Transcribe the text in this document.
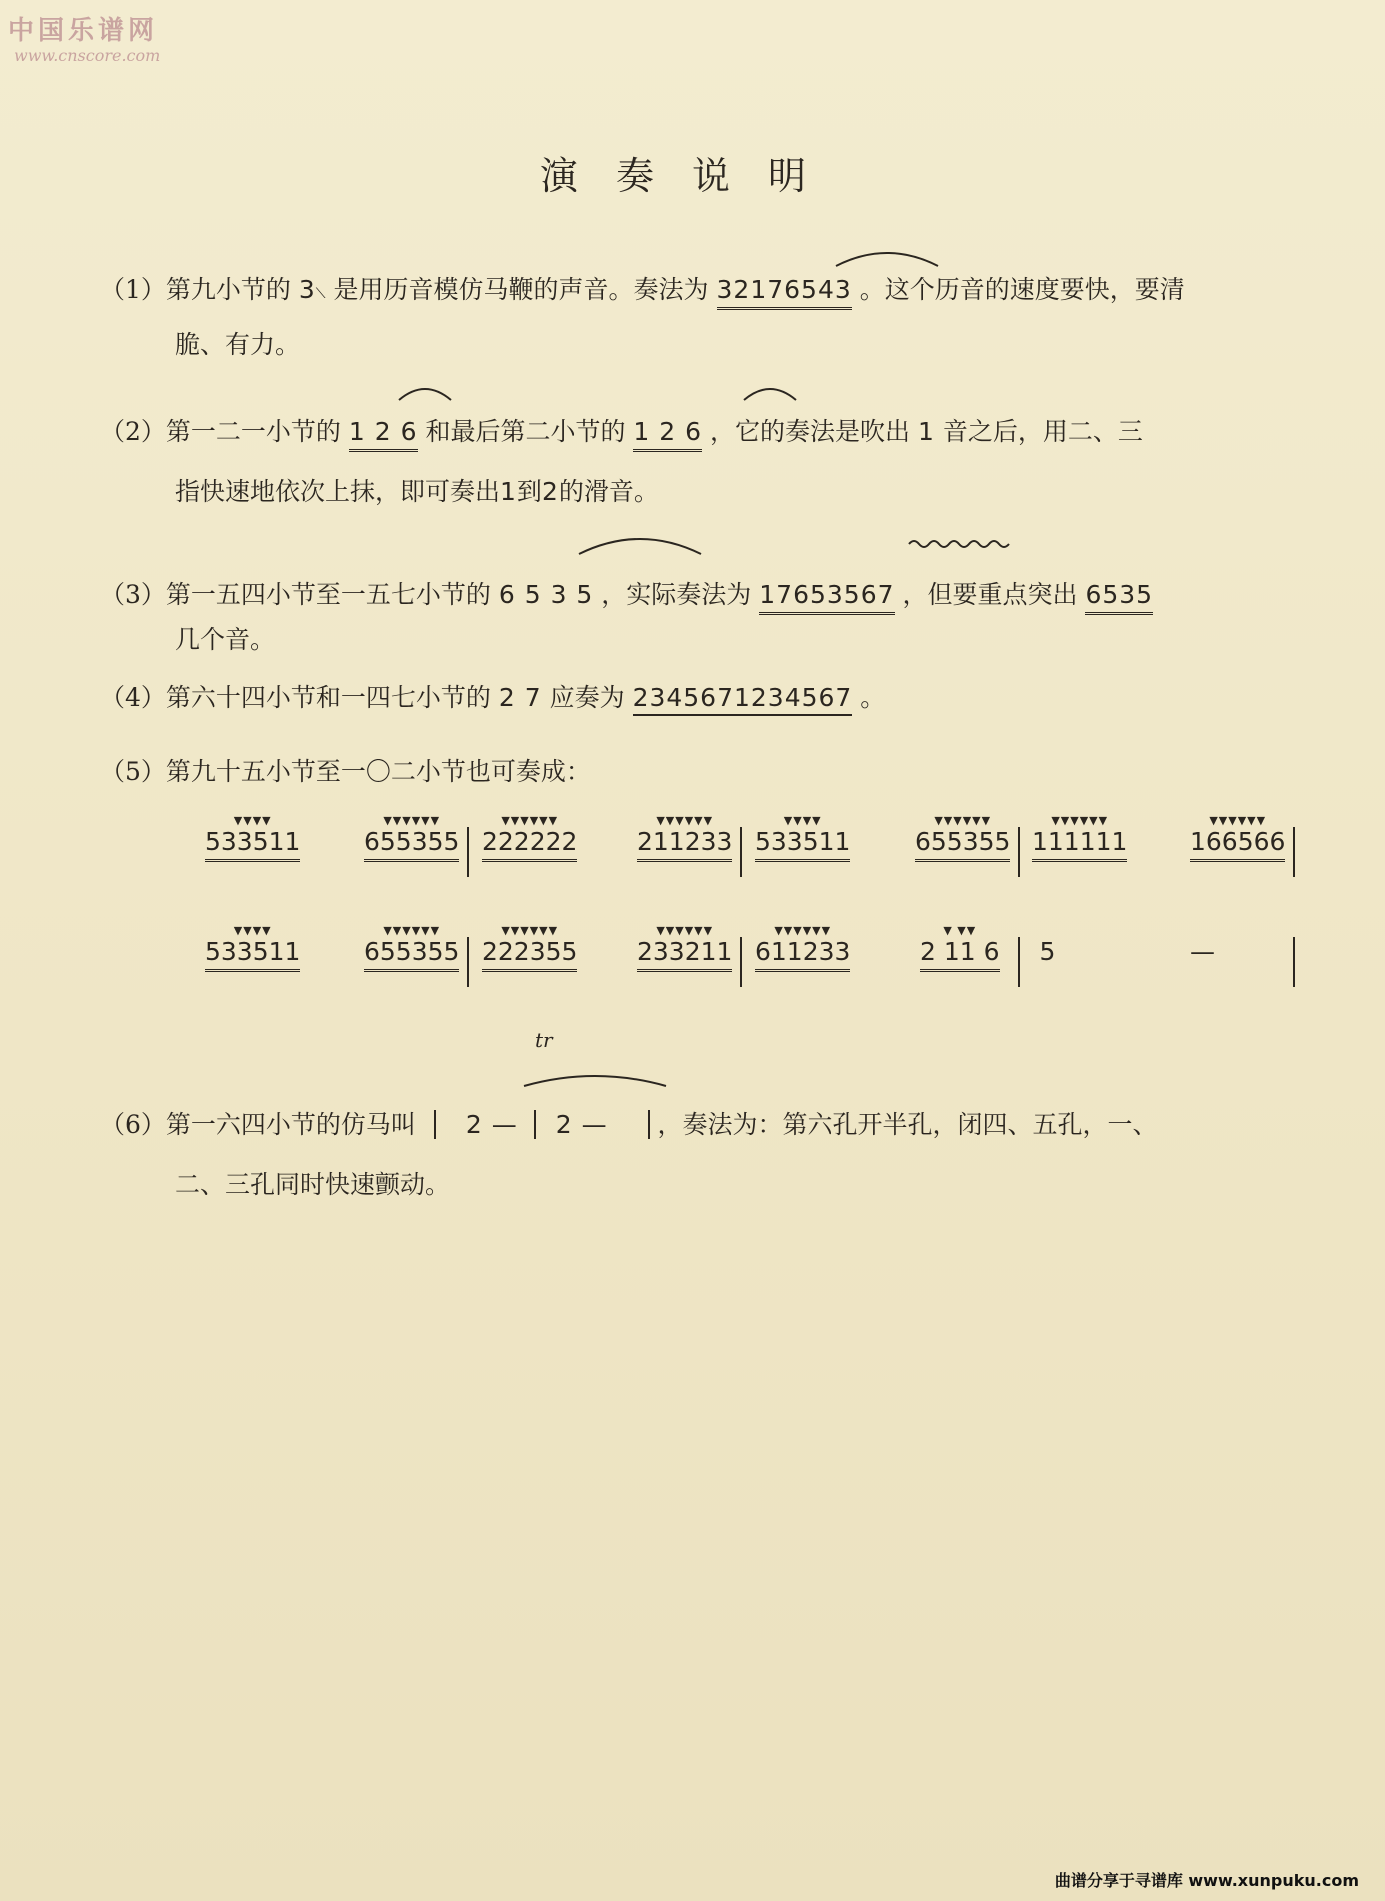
中国乐谱网
www.cnscore.com
演奏说明
（1）第九小节的 3⟍ 是用历音模仿马鞭的声音。奏法为 32176543 。这个历音的速度要快，要清
脆、有力。
（2）第一二一小节的 1 2 6 和最后第二小节的 1 2 6 ，它的奏法是吹出 1 音之后，用二、三
指快速地依次上抹，即可奏出1到2的滑音。
（3）第一五四小节至一五七小节的 6 5 3 5 ，实际奏法为 17653567 ，但要重点突出 6535
几个音。
（4）第六十四小节和一四七小节的 2 7 应奏为 2345671234567 。
（5）第九十五小节至一〇二小节也可奏成：
▼▼▼▼
533511
▼▼▼▼▼▼
655355
▼▼▼▼▼▼
222222
▼▼▼▼▼▼
211233
▼▼▼▼
533511
▼▼▼▼▼▼
655355
▼▼▼▼▼▼
111111
▼▼▼▼▼▼
166566
▼▼▼▼
533511
▼▼▼▼▼▼
655355
▼▼▼▼▼▼
222355
▼▼▼▼▼▼
233211
▼▼▼▼▼▼
611233
▼ ▼▼
2 11 6 5	—
（6）第一六四小节的仿马叫 2 — 2 — ，奏法为：第六孔开半孔，闭四、五孔，一、
二、三孔同时快速颤动。
tr
曲谱分享于寻谱库 www.xunpuku.com
